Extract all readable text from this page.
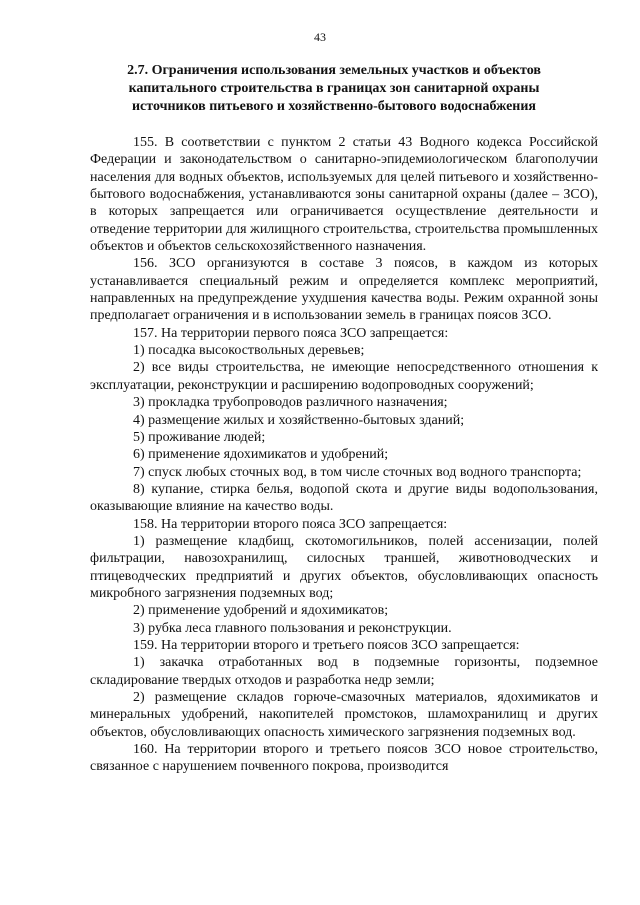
43
2.7. Ограничения использования земельных участков и объектов
капитального строительства в границах зон санитарной охраны
источников питьевого и хозяйственно-бытового водоснабжения

155. В соответствии с пунктом 2 статьи 43 Водного кодекса Российской Федерации и законодательством о санитарно-эпидемиологическом благополучии населения для водных объектов, используемых для целей питьевого и хозяйственно-бытового водоснабжения, устанавливаются зоны санитарной охраны (далее – ЗСО), в которых запрещается или ограничивается осуществление деятельности и отведение территории для жилищного строительства, строительства промышленных объектов и объектов сельскохозяйственного назначения.

156. ЗСО организуются в составе 3 поясов, в каждом из которых устанавливается специальный режим и определяется комплекс мероприятий, направленных на предупреждение ухудшения качества воды. Режим охранной зоны предполагает ограничения и в использовании земель в границах поясов ЗСО.

157. На территории первого пояса ЗСО запрещается:

1) посадка высокоствольных деревьев;

2) все виды строительства, не имеющие непосредственного отношения к эксплуатации, реконструкции и расширению водопроводных сооружений;

3) прокладка трубопроводов различного назначения;

4) размещение жилых и хозяйственно-бытовых зданий;

5) проживание людей;

6) применение ядохимикатов и удобрений;

7) спуск любых сточных вод, в том числе сточных вод водного транспорта;

8) купание, стирка белья, водопой скота и другие виды водопользования, оказывающие влияние на качество воды.

158. На территории второго пояса ЗСО запрещается:

1) размещение кладбищ, скотомогильников, полей ассенизации, полей фильтрации, навозохранилищ, силосных траншей, животноводческих и птицеводческих предприятий и других объектов, обусловливающих опасность микробного загрязнения подземных вод;

2) применение удобрений и ядохимикатов;

3) рубка леса главного пользования и реконструкции.

159. На территории второго и третьего поясов ЗСО запрещается:

1) закачка отработанных вод в подземные горизонты, подземное складирование твердых отходов и разработка недр земли;

2) размещение складов горюче-смазочных материалов, ядохимикатов и минеральных удобрений, накопителей промстоков, шламохранилищ и других объектов, обусловливающих опасность химического загрязнения подземных вод.

160. На территории второго и третьего поясов ЗСО новое строительство, связанное с нарушением почвенного покрова, производится
